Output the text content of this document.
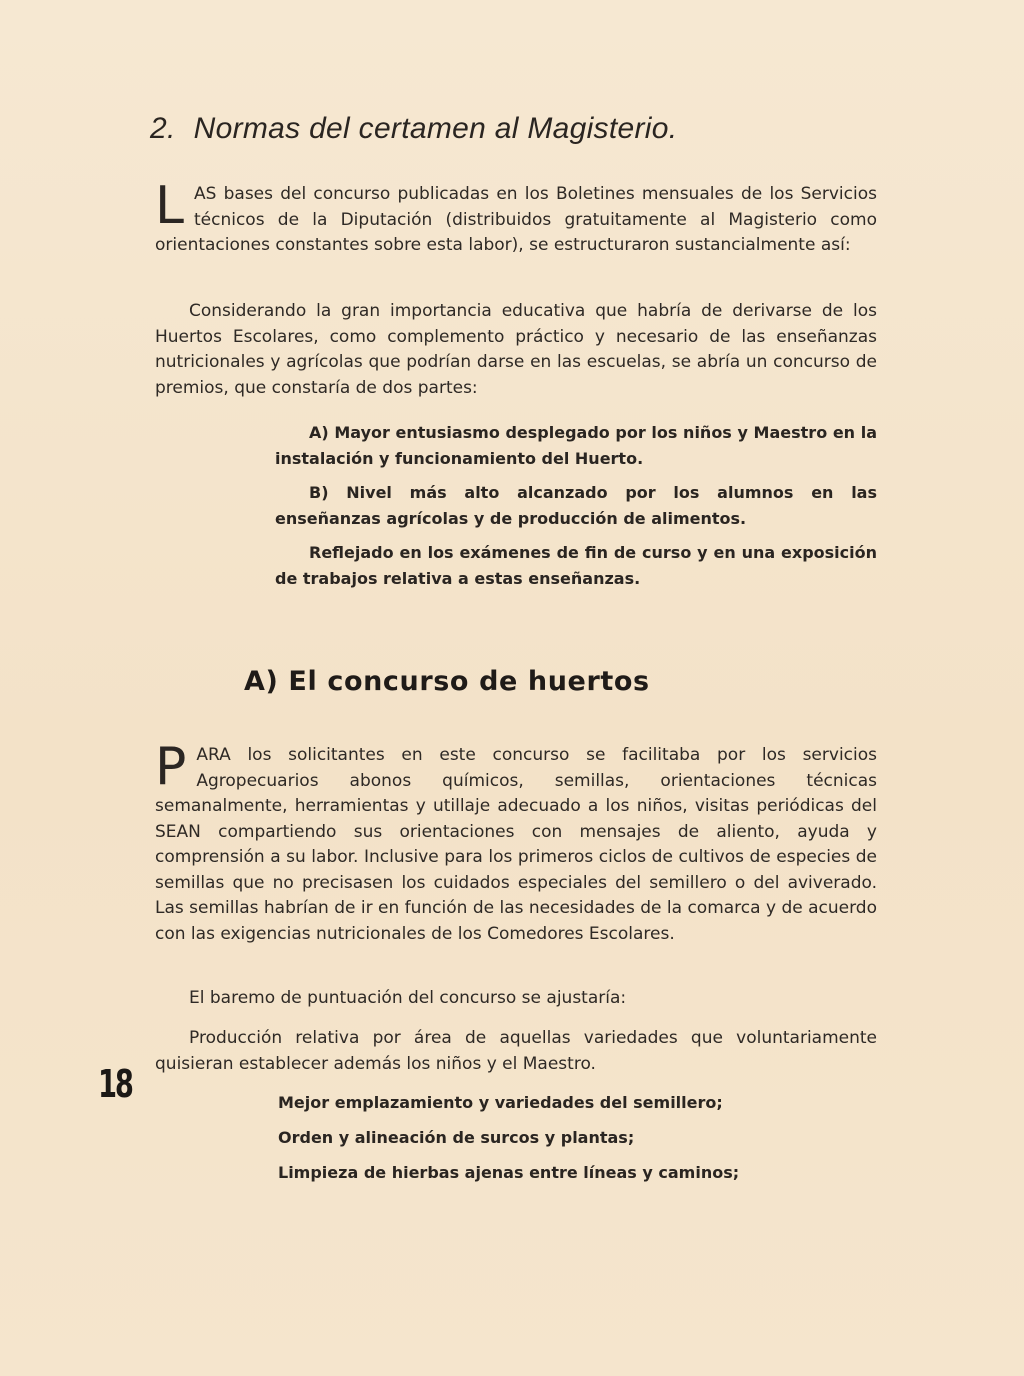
2. Normas del certamen al Magisterio.

LAS bases del concurso publicadas en los Boletines mensuales de los Servicios técnicos de la Diputación (distribuidos gratuitamente al Magisterio como orientaciones constantes sobre esta labor), se estructuraron sustancialmente así:

Considerando la gran importancia educativa que habría de derivarse de los Huertos Escolares, como complemento práctico y necesario de las enseñanzas nutricionales y agrícolas que podrían darse en las escuelas, se abría un concurso de premios, que constaría de dos partes:

A) Mayor entusiasmo desplegado por los niños y Maestro en la instalación y funcionamiento del Huerto.

B) Nivel más alto alcanzado por los alumnos en las enseñanzas agrícolas y de producción de alimentos.

Reflejado en los exámenes de fin de curso y en una exposición de trabajos relativa a estas enseñanzas.

A) El concurso de huertos

PARA los solicitantes en este concurso se facilitaba por los servicios Agropecuarios abonos químicos, semillas, orientaciones técnicas semanalmente, herramientas y utillaje adecuado a los niños, visitas periódicas del SEAN compartiendo sus orientaciones con mensajes de aliento, ayuda y comprensión a su labor. Inclusive para los primeros ciclos de cultivos de especies de semillas que no precisasen los cuidados especiales del semillero o del aviverado. Las semillas habrían de ir en función de las necesidades de la comarca y de acuerdo con las exigencias nutricionales de los Comedores Escolares.

El baremo de puntuación del concurso se ajustaría:

Producción relativa por área de aquellas variedades que voluntariamente quisieran establecer además los niños y el Maestro.

Mejor emplazamiento y variedades del semillero;
Orden y alineación de surcos y plantas;
Limpieza de hierbas ajenas entre líneas y caminos;
18
